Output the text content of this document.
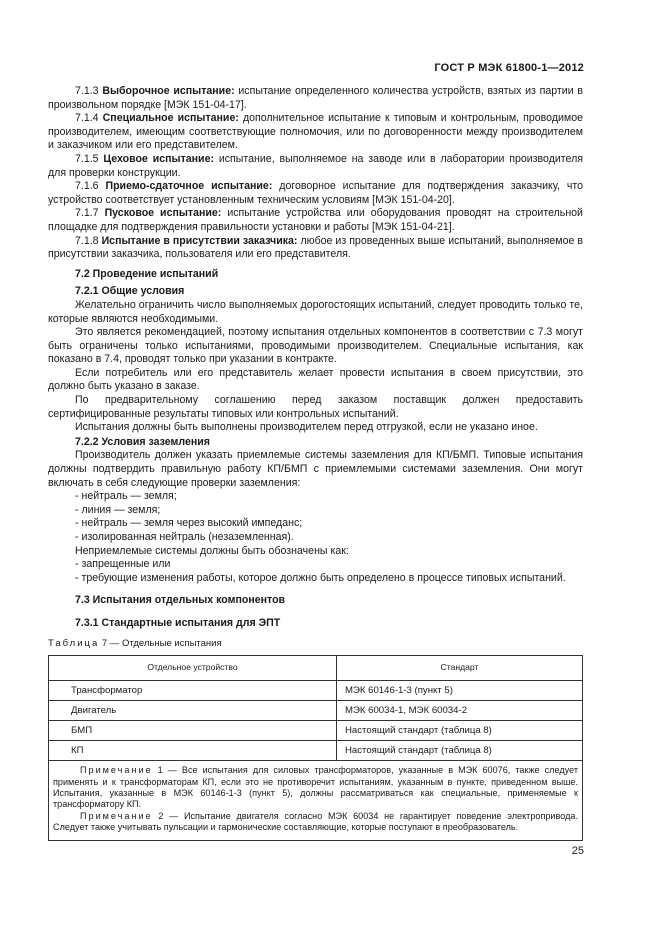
ГОСТ Р МЭК 61800-1—2012

7.1.3 Выборочное испытание: испытание определенного количества устройств, взятых из партии в произвольном порядке [МЭК 151-04-17].

7.1.4 Специальное испытание: дополнительное испытание к типовым и контрольным, проводимое производителем, имеющим соответствующие полномочия, или по договоренности между производителем и заказчиком или его представителем.

7.1.5 Цеховое испытание: испытание, выполняемое на заводе или в лаборатории производителя для проверки конструкции.

7.1.6 Приемо-сдаточное испытание: договорное испытание для подтверждения заказчику, что устройство соответствует установленным техническим условиям [МЭК 151-04-20].

7.1.7 Пусковое испытание: испытание устройства или оборудования проводят на строительной площадке для подтверждения правильности установки и работы [МЭК 151-04-21].

7.1.8 Испытание в присутствии заказчика: любое из проведенных выше испытаний, выполняемое в присутствии заказчика, пользователя или его представителя.

7.2 Проведение испытаний

7.2.1 Общие условия

Желательно ограничить число выполняемых дорогостоящих испытаний, следует проводить только те, которые являются необходимыми.

Это является рекомендацией, поэтому испытания отдельных компонентов в соответствии с 7.3 могут быть ограничены только испытаниями, проводимыми производителем. Специальные испытания, как показано в 7.4, проводят только при указании в контракте.

Если потребитель или его представитель желает провести испытания в своем присутствии, это должно быть указано в заказе.

По предварительному соглашению перед заказом поставщик должен предоставить сертифицированные результаты типовых или контрольных испытаний.

Испытания должны быть выполнены производителем перед отгрузкой, если не указано иное.

7.2.2 Условия заземления

Производитель должен указать приемлемые системы заземления для КП/БМП. Типовые испытания должны подтвердить правильную работу КП/БМП с приемлемыми системами заземления. Они могут включать в себя следующие проверки заземления:

- нейтраль — земля;

- линия — земля;

- нейтраль — земля через высокий импеданс;

- изолированная нейтраль (незаземленная).

Неприемлемые системы должны быть обозначены как:

- запрещенные или

- требующие изменения работы, которое должно быть определено в процессе типовых испытаний.

7.3 Испытания отдельных компонентов

7.3.1 Стандартные испытания для ЭПТ

Таблица 7 — Отдельные испытания
Отдельное устройство	Стандарт
Трансформатор	МЭК 60146-1-3 (пункт 5)
Двигатель	МЭК 60034-1, МЭК 60034-2
БМП	Настоящий стандарт (таблица 8)
КП	Настоящий стандарт (таблица 8)

Примечание 1 — Все испытания для силовых трансформаторов, указанные в МЭК 60076, также следует применять и к трансформаторам КП, если это не противоречит испытаниям, указанным в пункте, приведенном выше. Испытания, указанные в МЭК 60146-1-3 (пункт 5), должны рассматриваться как специальные, применяемые к трансформатору КП.

Примечание 2 — Испытание двигателя согласно МЭК 60034 не гарантирует поведение электропривода. Следует также учитывать пульсации и гармонические составляющие, которые поступают в преобразователь.	

25
